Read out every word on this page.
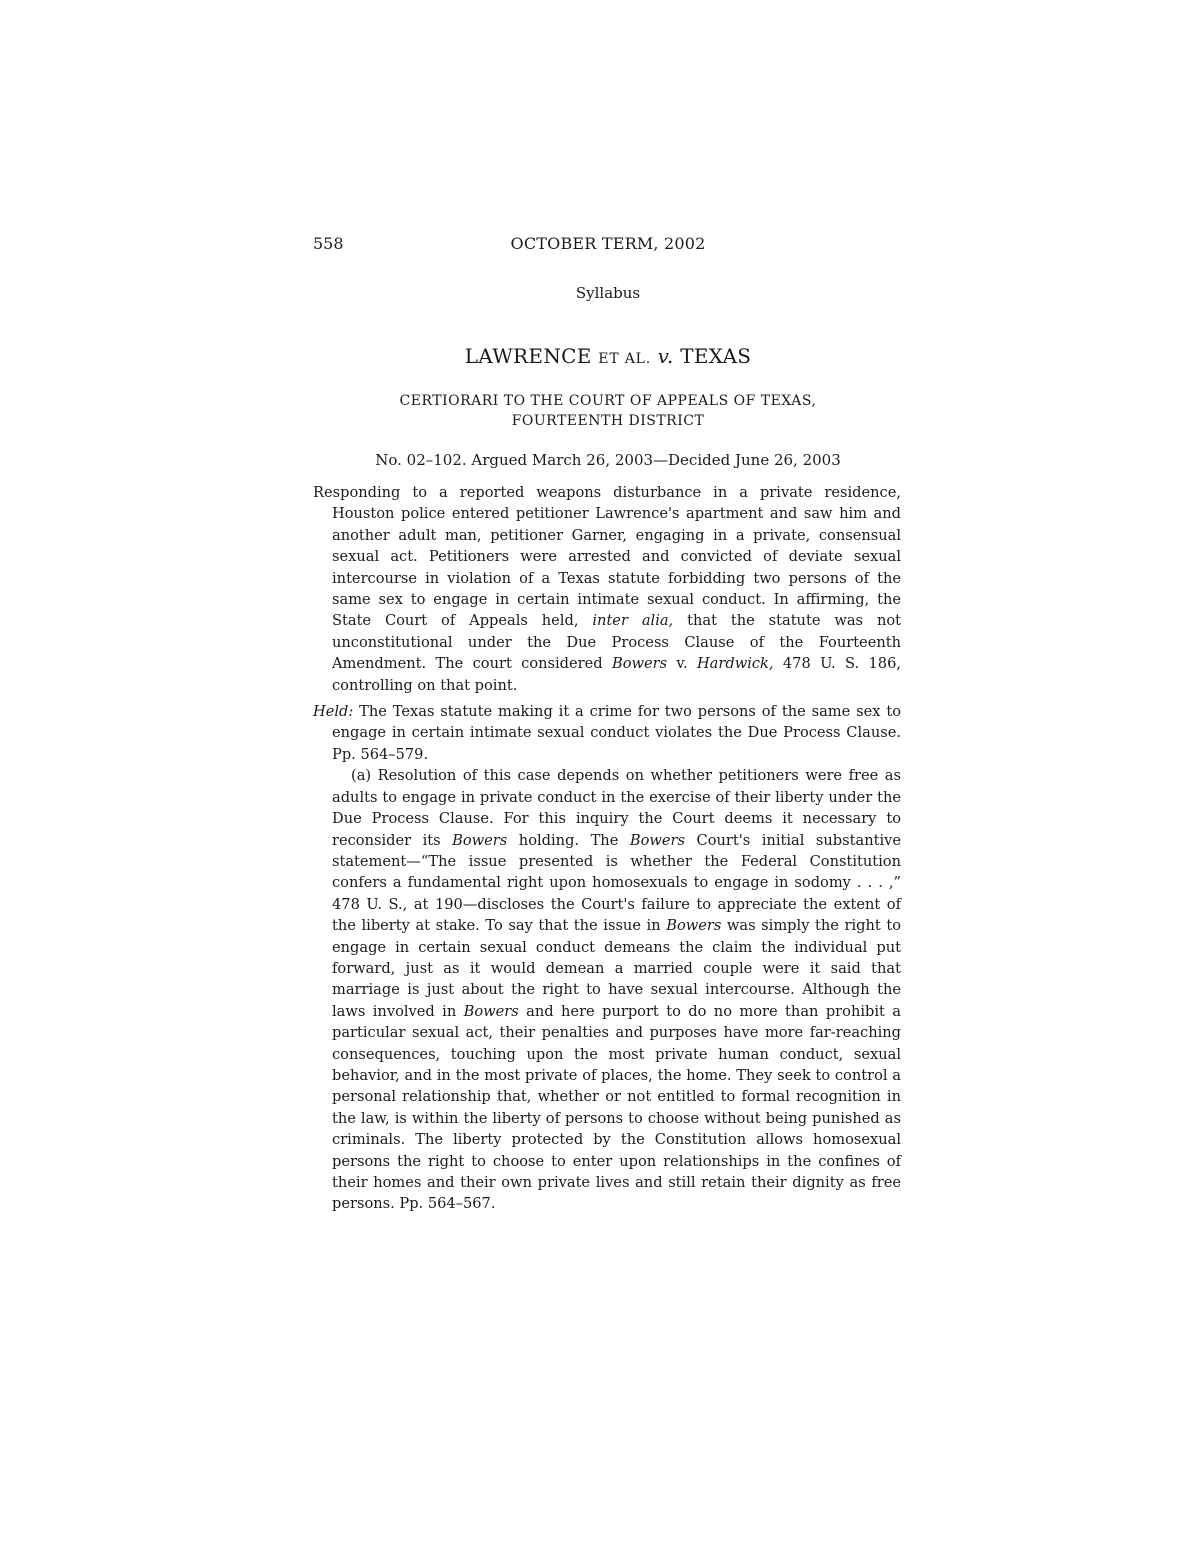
558	OCTOBER TERM, 2002
Syllabus
LAWRENCE ET AL. v. TEXAS
CERTIORARI TO THE COURT OF APPEALS OF TEXAS,
FOURTEENTH DISTRICT
No. 02–102. Argued March 26, 2003—Decided June 26, 2003

Responding to a reported weapons disturbance in a private residence, Houston police entered petitioner Lawrence's apartment and saw him and another adult man, petitioner Garner, engaging in a private, consensual sexual act. Petitioners were arrested and convicted of deviate sexual intercourse in violation of a Texas statute forbidding two persons of the same sex to engage in certain intimate sexual conduct. In affirming, the State Court of Appeals held, inter alia, that the statute was not unconstitutional under the Due Process Clause of the Fourteenth Amendment. The court considered Bowers v. Hardwick, 478 U. S. 186, controlling on that point.

Held: The Texas statute making it a crime for two persons of the same sex to engage in certain intimate sexual conduct violates the Due Process Clause. Pp. 564–579.

(a) Resolution of this case depends on whether petitioners were free as adults to engage in private conduct in the exercise of their liberty under the Due Process Clause. For this inquiry the Court deems it necessary to reconsider its Bowers holding. The Bowers Court's initial substantive statement—“The issue presented is whether the Federal Constitution confers a fundamental right upon homosexuals to engage in sodomy . . . ,” 478 U. S., at 190—discloses the Court's failure to appreciate the extent of the liberty at stake. To say that the issue in Bowers was simply the right to engage in certain sexual conduct demeans the claim the individual put forward, just as it would demean a married couple were it said that marriage is just about the right to have sexual intercourse. Although the laws involved in Bowers and here purport to do no more than prohibit a particular sexual act, their penalties and purposes have more far-reaching consequences, touching upon the most private human conduct, sexual behavior, and in the most private of places, the home. They seek to control a personal relationship that, whether or not entitled to formal recognition in the law, is within the liberty of persons to choose without being punished as criminals. The liberty protected by the Constitution allows homosexual persons the right to choose to enter upon relationships in the confines of their homes and their own private lives and still retain their dignity as free persons. Pp. 564–567.
